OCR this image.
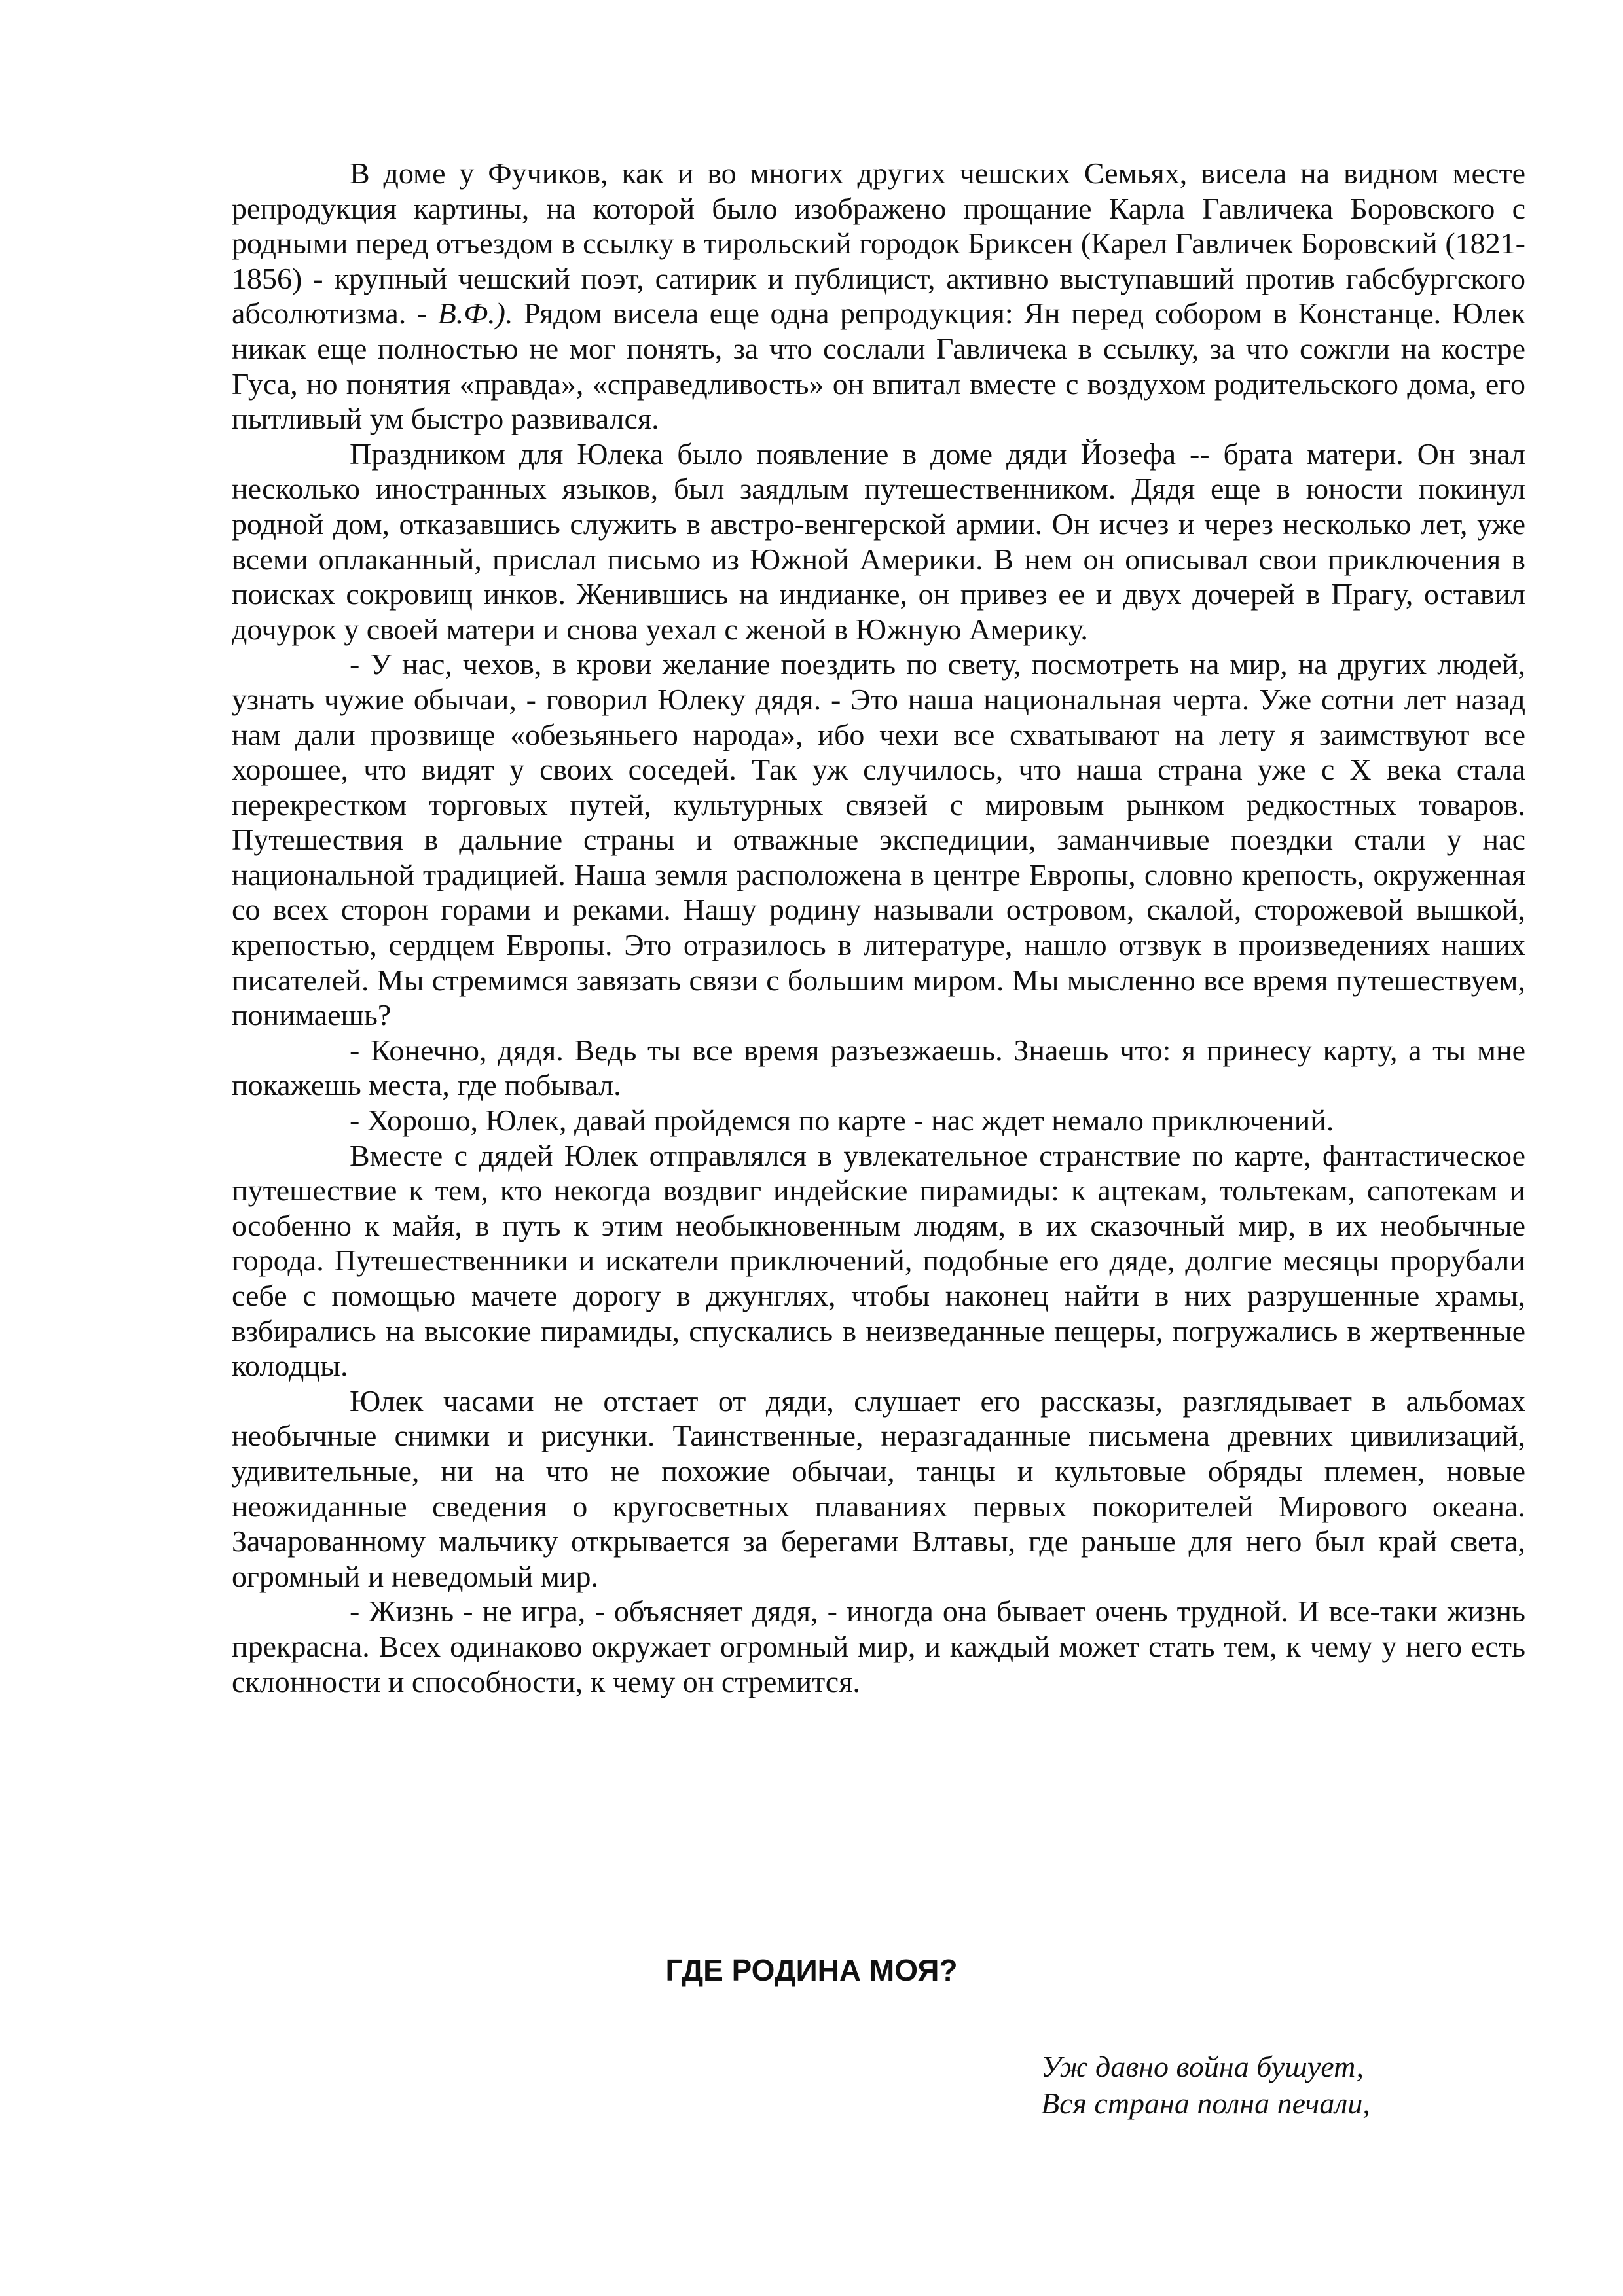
В доме у Фучиков, как и во многих других чешских Семьях, висела на видном месте репродукция картины, на которой было изображено прощание Карла Гавличека Боровского с родными перед отъездом в ссылку в тирольский городок Бриксен (Карел Гавличек Боровский (1821-1856) - крупный чешский поэт, сатирик и публицист, активно выступавший против габсбургского абсолютизма. - В.Ф.). Рядом висела еще одна репродукция: Ян перед собором в Констанце. Юлек никак еще полностью не мог понять, за что сослали Гавличека в ссылку, за что сожгли на костре Гуса, но понятия «правда», «справедливость» он впитал вместе с воздухом родительского дома, его пытливый ум быстро развивался.

Праздником для Юлека было появление в доме дяди Йозефа -- брата матери. Он знал несколько иностранных языков, был заядлым путешественником. Дядя еще в юности покинул родной дом, отказавшись служить в австро-венгерской армии. Он исчез и через несколько лет, уже всеми оплаканный, прислал письмо из Южной Америки. В нем он описывал свои приключения в поисках сокровищ инков. Женившись на индианке, он привез ее и двух дочерей в Прагу, оставил дочурок у своей матери и снова уехал с женой в Южную Америку.

- У нас, чехов, в крови желание поездить по свету, посмотреть на мир, на других людей, узнать чужие обычаи, - говорил Юлеку дядя. - Это наша национальная черта. Уже сотни лет назад нам дали прозвище «обезьяньего народа», ибо чехи все схватывают на лету я заимствуют все хорошее, что видят у своих соседей. Так уж случилось, что наша страна уже с X века стала перекрестком торговых путей, культурных связей с мировым рынком редкостных товаров. Путешествия в дальние страны и отважные экспедиции, заманчивые поездки стали у нас национальной традицией. Наша земля расположена в центре Европы, словно крепость, окруженная со всех сторон горами и реками. Нашу родину называли островом, скалой, сторожевой вышкой, крепостью, сердцем Европы. Это отразилось в литературе, нашло отзвук в произведениях наших писателей. Мы стремимся завязать связи с большим миром. Мы мысленно все время путешествуем, понимаешь?

- Конечно, дядя. Ведь ты все время разъезжаешь. Знаешь что: я принесу карту, а ты мне покажешь места, где побывал.

- Хорошо, Юлек, давай пройдемся по карте - нас ждет немало приключений.

Вместе с дядей Юлек отправлялся в увлекательное странствие по карте, фантастическое путешествие к тем, кто некогда воздвиг индейские пирамиды: к ацтекам, тольтекам, сапотекам и особенно к майя, в путь к этим необыкновенным людям, в их сказочный мир, в их необычные города. Путешественники и искатели приключений, подобные его дяде, долгие месяцы прорубали себе с помощью мачете дорогу в джунглях, чтобы наконец найти в них разрушенные храмы, взбирались на высокие пирамиды, спускались в неизведанные пещеры, погружались в жертвенные колодцы.

Юлек часами не отстает от дяди, слушает его рассказы, разглядывает в альбомах необычные снимки и рисунки. Таинственные, неразгаданные письмена древних цивилизаций, удивительные, ни на что не похожие обычаи, танцы и культовые обряды племен, новые неожиданные сведения о кругосветных плаваниях первых покорителей Мирового океана. Зачарованному мальчику открывается за берегами Влтавы, где раньше для него был край света, огромный и неведомый мир.

- Жизнь - не игра, - объясняет дядя, - иногда она бывает очень трудной. И все-таки жизнь прекрасна. Всех одинаково окружает огромный мир, и каждый может стать тем, к чему у него есть склонности и способности, к чему он стремится.

ГДЕ РОДИНА МОЯ?
Уж давно война бушует,
Вся страна полна печали,
